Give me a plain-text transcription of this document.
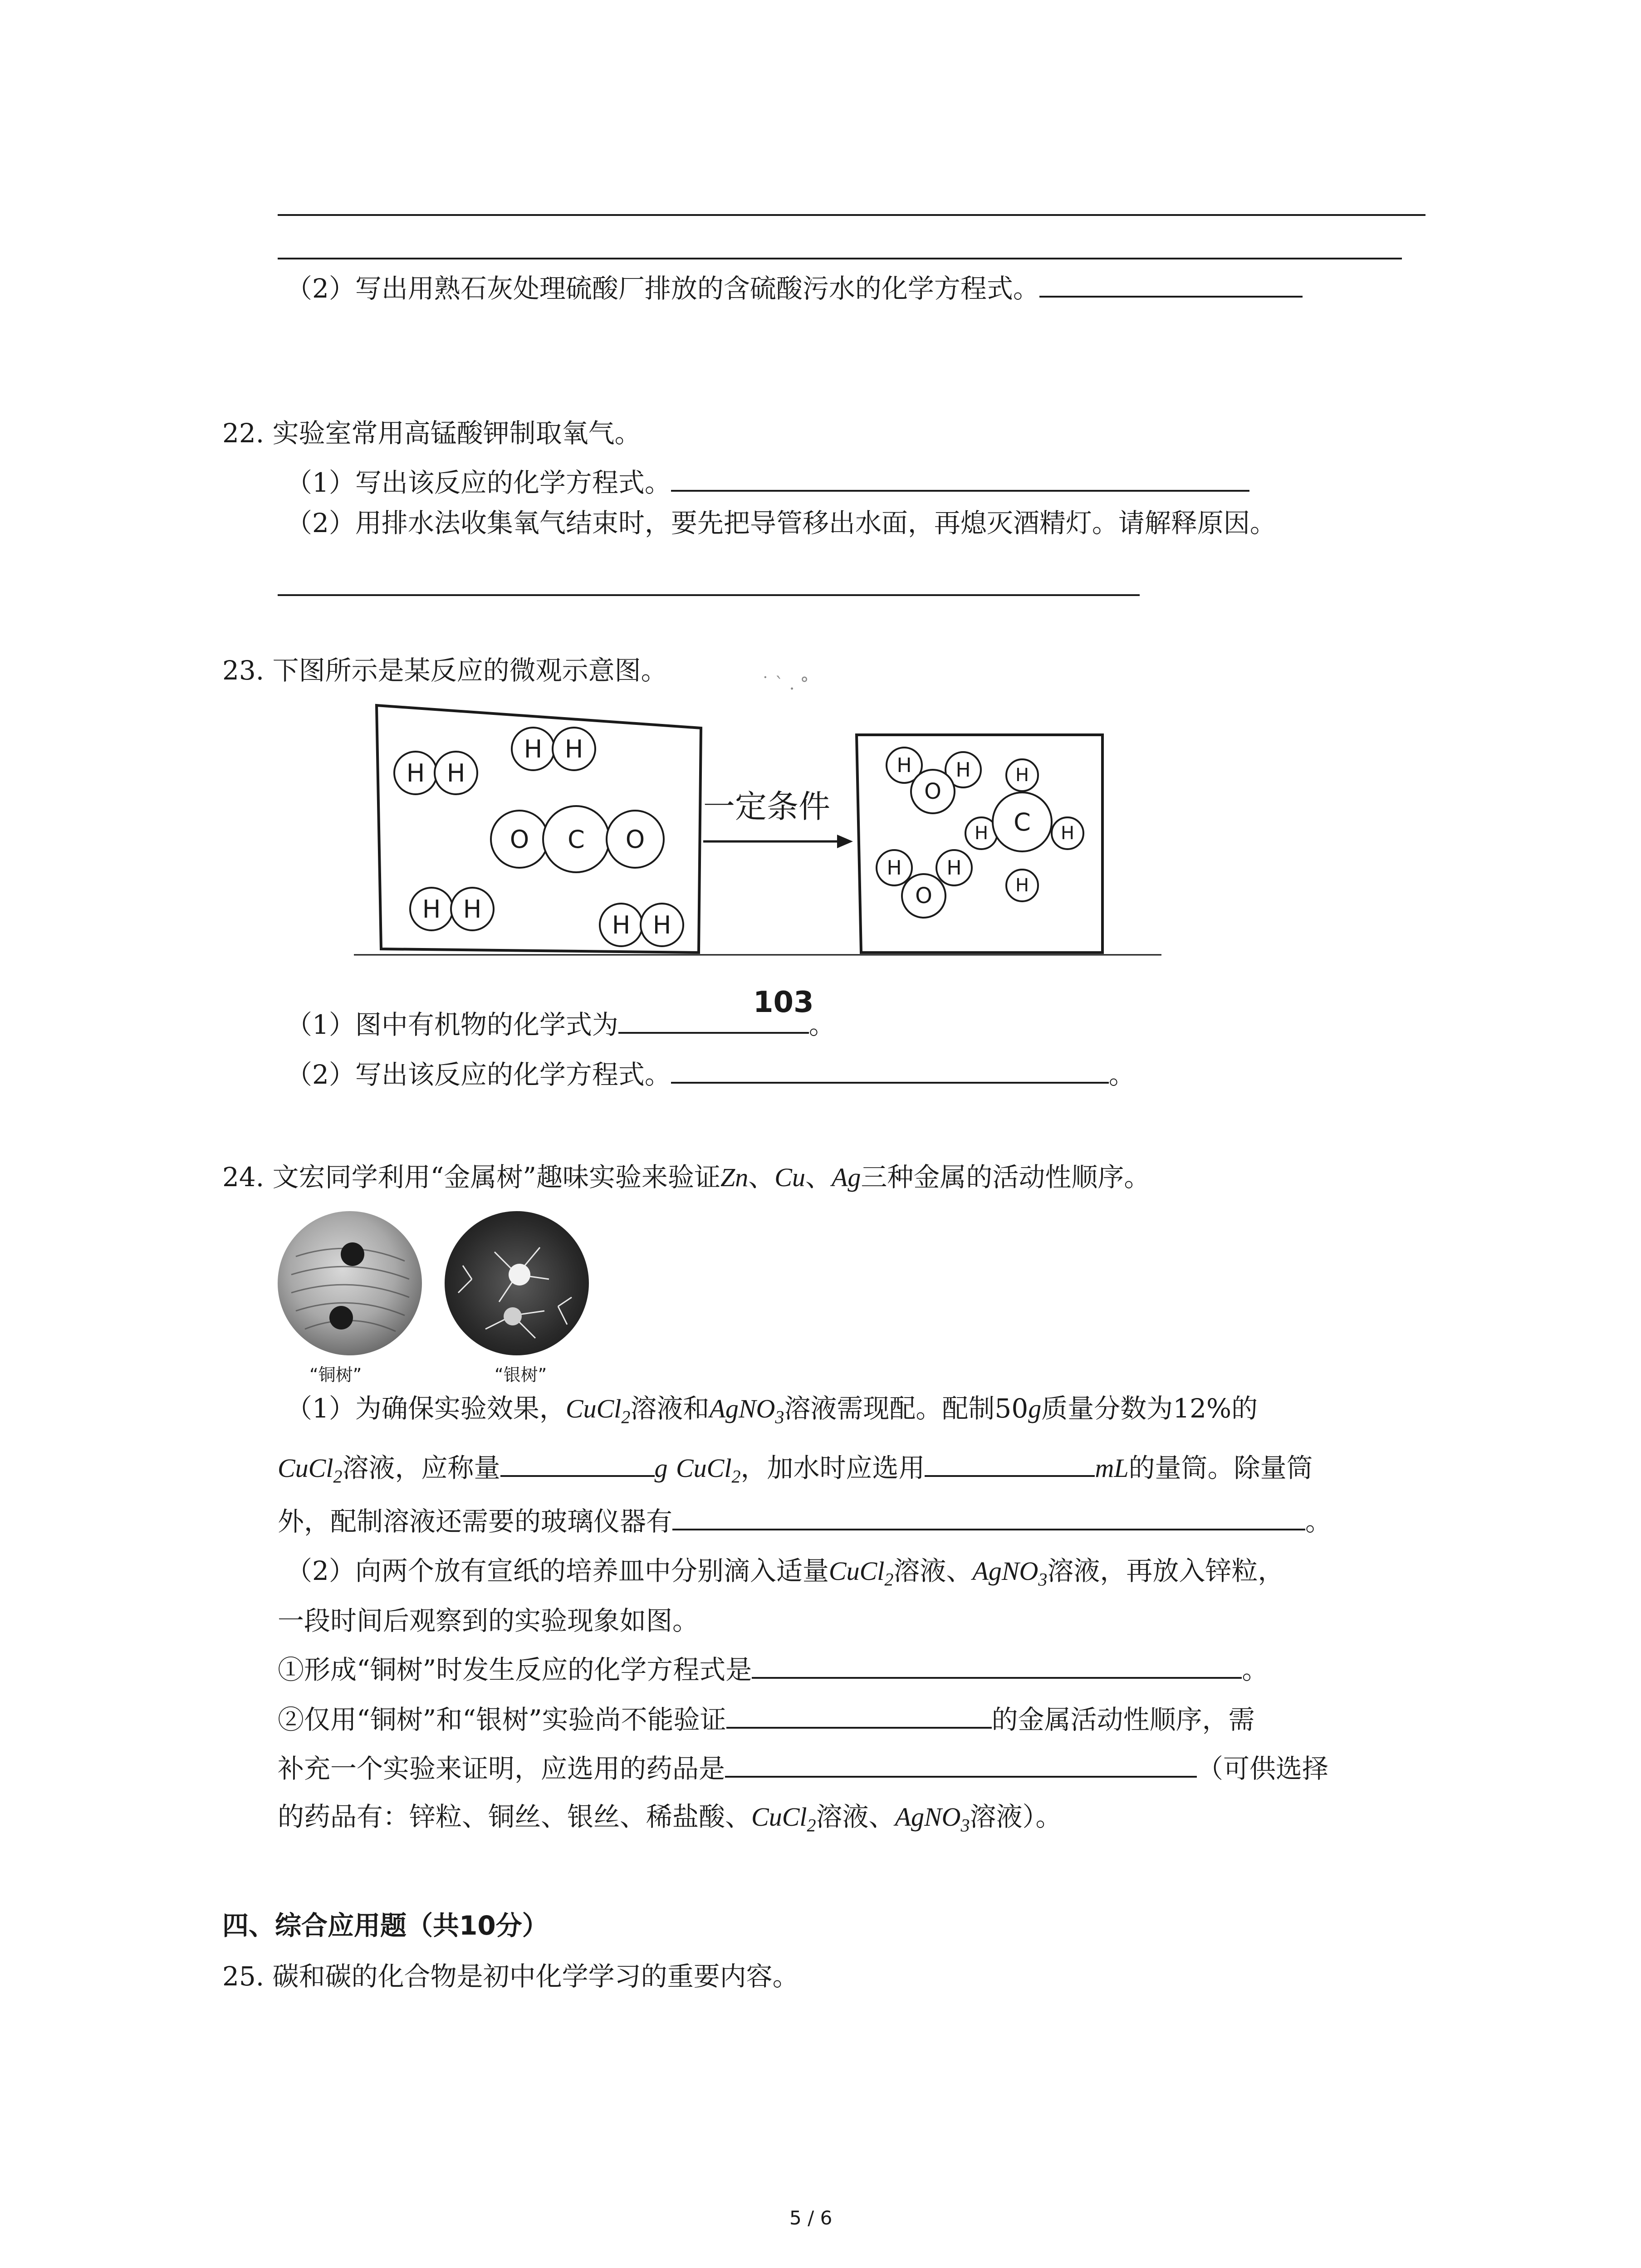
（2）写出用熟石灰处理硫酸厂排放的含硫酸污水的化学方程式。
22. 实验室常用高锰酸钾制取氧气。
（1）写出该反应的化学方程式。
（2）用排水法收集氧气结束时，要先把导管移出水面，再熄灭酒精灯。请解释原因。
23. 下图所示是某反应的微观示意图。	˙ ` . °
一定条件
H H
H H
O	C	O
H H
H H
H	H
O
H	H
O
H
H	H
H
C
103
（1）图中有机物的化学式为	。
（2）写出该反应的化学方程式。	。
24. 文宏同学利用“金属树”趣味实验来验证Zn、Cu、Ag三种金属的活动性顺序。
“铜树”	“银树”
（1）为确保实验效果，CuCl$_2$溶液和AgNO$_3$溶液需现配。配制50g质量分数为12%的
CuCl$_2$溶液，应称量	g CuCl$_2$，加水时应选用	mL的量筒。除量筒
外，配制溶液还需要的玻璃仪器有	。
（2）向两个放有宣纸的培养皿中分别滴入适量CuCl$_2$溶液、AgNO$_3$溶液，再放入锌粒，
一段时间后观察到的实验现象如图。
①形成“铜树”时发生反应的化学方程式是	。
②仅用“铜树”和“银树”实验尚不能验证	的金属活动性顺序，需
补充一个实验来证明，应选用的药品是	（可供选择
的药品有：锌粒、铜丝、银丝、稀盐酸、CuCl$_2$溶液、AgNO$_3$溶液）。
四、综合应用题（共10分）
25. 碳和碳的化合物是初中化学学习的重要内容。
5 / 6
